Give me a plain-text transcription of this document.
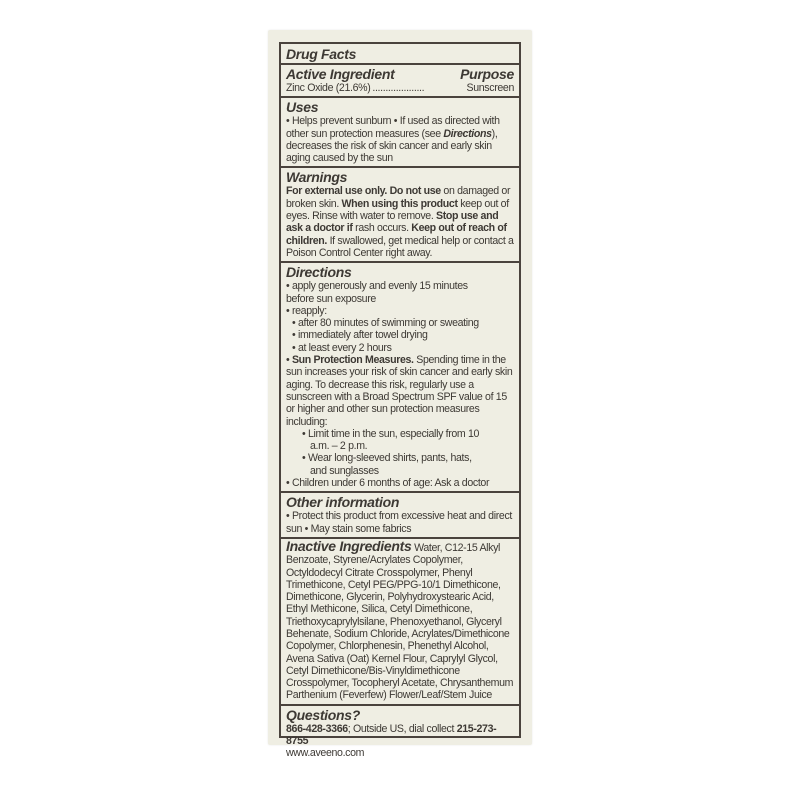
Drug Facts
Active Ingredient	Purpose
Zinc Oxide (21.6%) ....................	Sunscreen
Uses
• Helps prevent sunburn • If used as directed with other sun protection measures (see Directions), decreases the risk of skin cancer and early skin aging caused by the sun
Warnings
For external use only. Do not use on damaged or broken skin. When using this product keep out of eyes. Rinse with water to remove. Stop use and ask a doctor if rash occurs. Keep out of reach of children. If swallowed, get medical help or contact a Poison Control Center right away.
Directions
• apply generously and evenly 15 minutes before sun exposure
• reapply:
• after 80 minutes of swimming or sweating
• immediately after towel drying
• at least every 2 hours
• Sun Protection Measures. Spending time in the sun increases your risk of skin cancer and early skin aging. To decrease this risk, regularly use a sunscreen with a Broad Spectrum SPF value of 15 or higher and other sun protection measures including:
• Limit time in the sun, especially from 10 a.m. – 2 p.m.
• Wear long-sleeved shirts, pants, hats, and sunglasses
• Children under 6 months of age: Ask a doctor
Other information
• Protect this product from excessive heat and direct sun • May stain some fabrics
Inactive Ingredients Water, C12-15 Alkyl Benzoate, Styrene/Acrylates Copolymer, Octyldodecyl Citrate Crosspolymer, Phenyl Trimethicone, Cetyl PEG/PPG-10/1 Dimethicone, Dimethicone, Glycerin, Polyhydroxystearic Acid, Ethyl Methicone, Silica, Cetyl Dimethicone, Triethoxycaprylylsilane, Phenoxyethanol, Glyceryl Behenate, Sodium Chloride, Acrylates/Dimethicone Copolymer, Chlorphenesin, Phenethyl Alcohol, Avena Sativa (Oat) Kernel Flour, Caprylyl Glycol, Cetyl Dimethicone/Bis-Vinyldimethicone Crosspolymer, Tocopheryl Acetate, Chrysanthemum Parthenium (Feverfew) Flower/Leaf/Stem Juice
Questions?
866-428-3366; Outside US, dial collect 215-273-8755
www.aveeno.com
